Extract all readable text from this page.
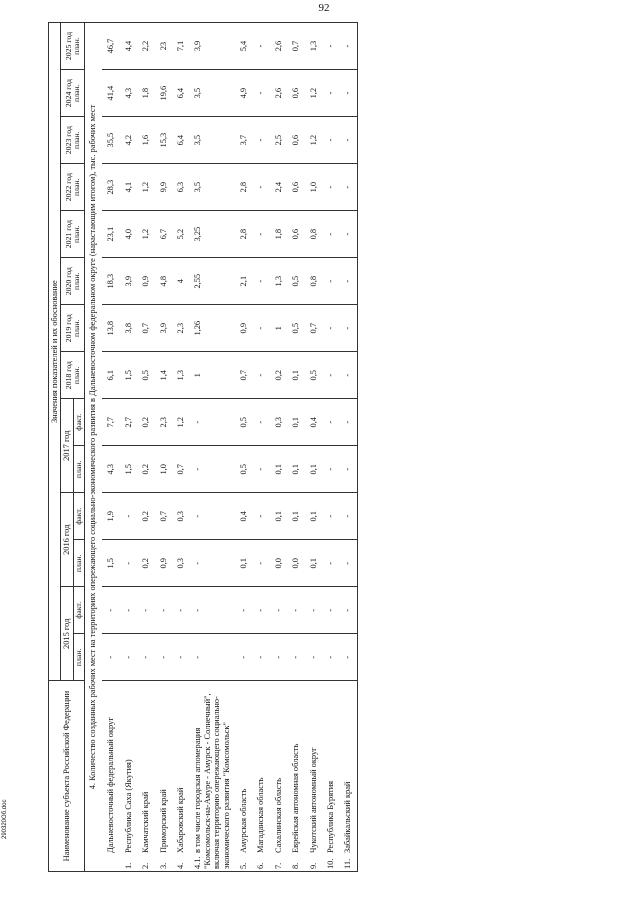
92
Наименование субъекта Российской Федерации	Значения показателей и их обоснование													
	2015 год		2016 год		2017 год		2018 год план.	2019 год план.	2020 год план.	2021 год план.	2022 год план.	2023 год план.	2024 год план.	2025 год план.
	план.	факт.	план.	факт.	план.	факт.								
4. Количество созданных рабочих мест на территориях опережающего социально-экономического развития в Дальневосточном федеральном округе (нарастающим итогом), тыс. рабочих мест														
Дальневосточный федеральный округ	-	-	1,5	1,9	4,3	7,7	6,1	13,8	18,3	23,1	28,3	35,5	41,4	46,7
1.Республика Саха (Якутия)	-	-	-	-	1,5	2,7	1,5	3,8	3,9	4,0	4,1	4,2	4,3	4,4
2.Камчатский край	-	-	0,2	0,2	0,2	0,2	0,5	0,7	0,9	1,2	1,2	1,6	1,8	2,2
3.Приморский край	-	-	0,9	0,7	1,0	2,3	1,4	3,9	4,8	6,7	9,9	15,3	19,6	23
4.Хабаровский край	-	-	0,3	0,3	0,7	1,2	1,3	2,3	4	5,2	6,3	6,4	6,4	7,1
4.1.в том числе городская агломерация "Комсомольск-на-Амуре - Амурск - Солнечный", включая территорию опережающего социально-экономического развития "Комсомольск"	-	-	-	-	-	-	1	1,26	2,55	3,25	3,5	3,5	3,5	3,9
5.Амурская область	-	-	0,1	0,4	0,5	0,5	0,7	0,9	2,1	2,8	2,8	3,7	4,9	5,4
6.Магаданская область	-	-	-	-	-	-	-	-	-	-	-	-	-	-
7.Сахалинская область	-	-	0,0	0,1	0,1	0,3	0,2	1	1,3	1,8	2,4	2,5	2,6	2,6
8.Еврейская автономная область	-	-	0,0	0,1	0,1	0,1	0,1	0,5	0,5	0,6	0,6	0,6	0,6	0,7
9.Чукотский автономный округ	-	-	0,1	0,1	0,1	0,4	0,5	0,7	0,8	0,8	1,0	1,2	1,2	1,3
10.Республика Бурятия	-	-	-	-	-	-	-	-	-	-	-	-	-	-
11.Забайкальский край	-	-	-	-	-	-	-	-	-	-	-	-	-	-
290320Об.doc
